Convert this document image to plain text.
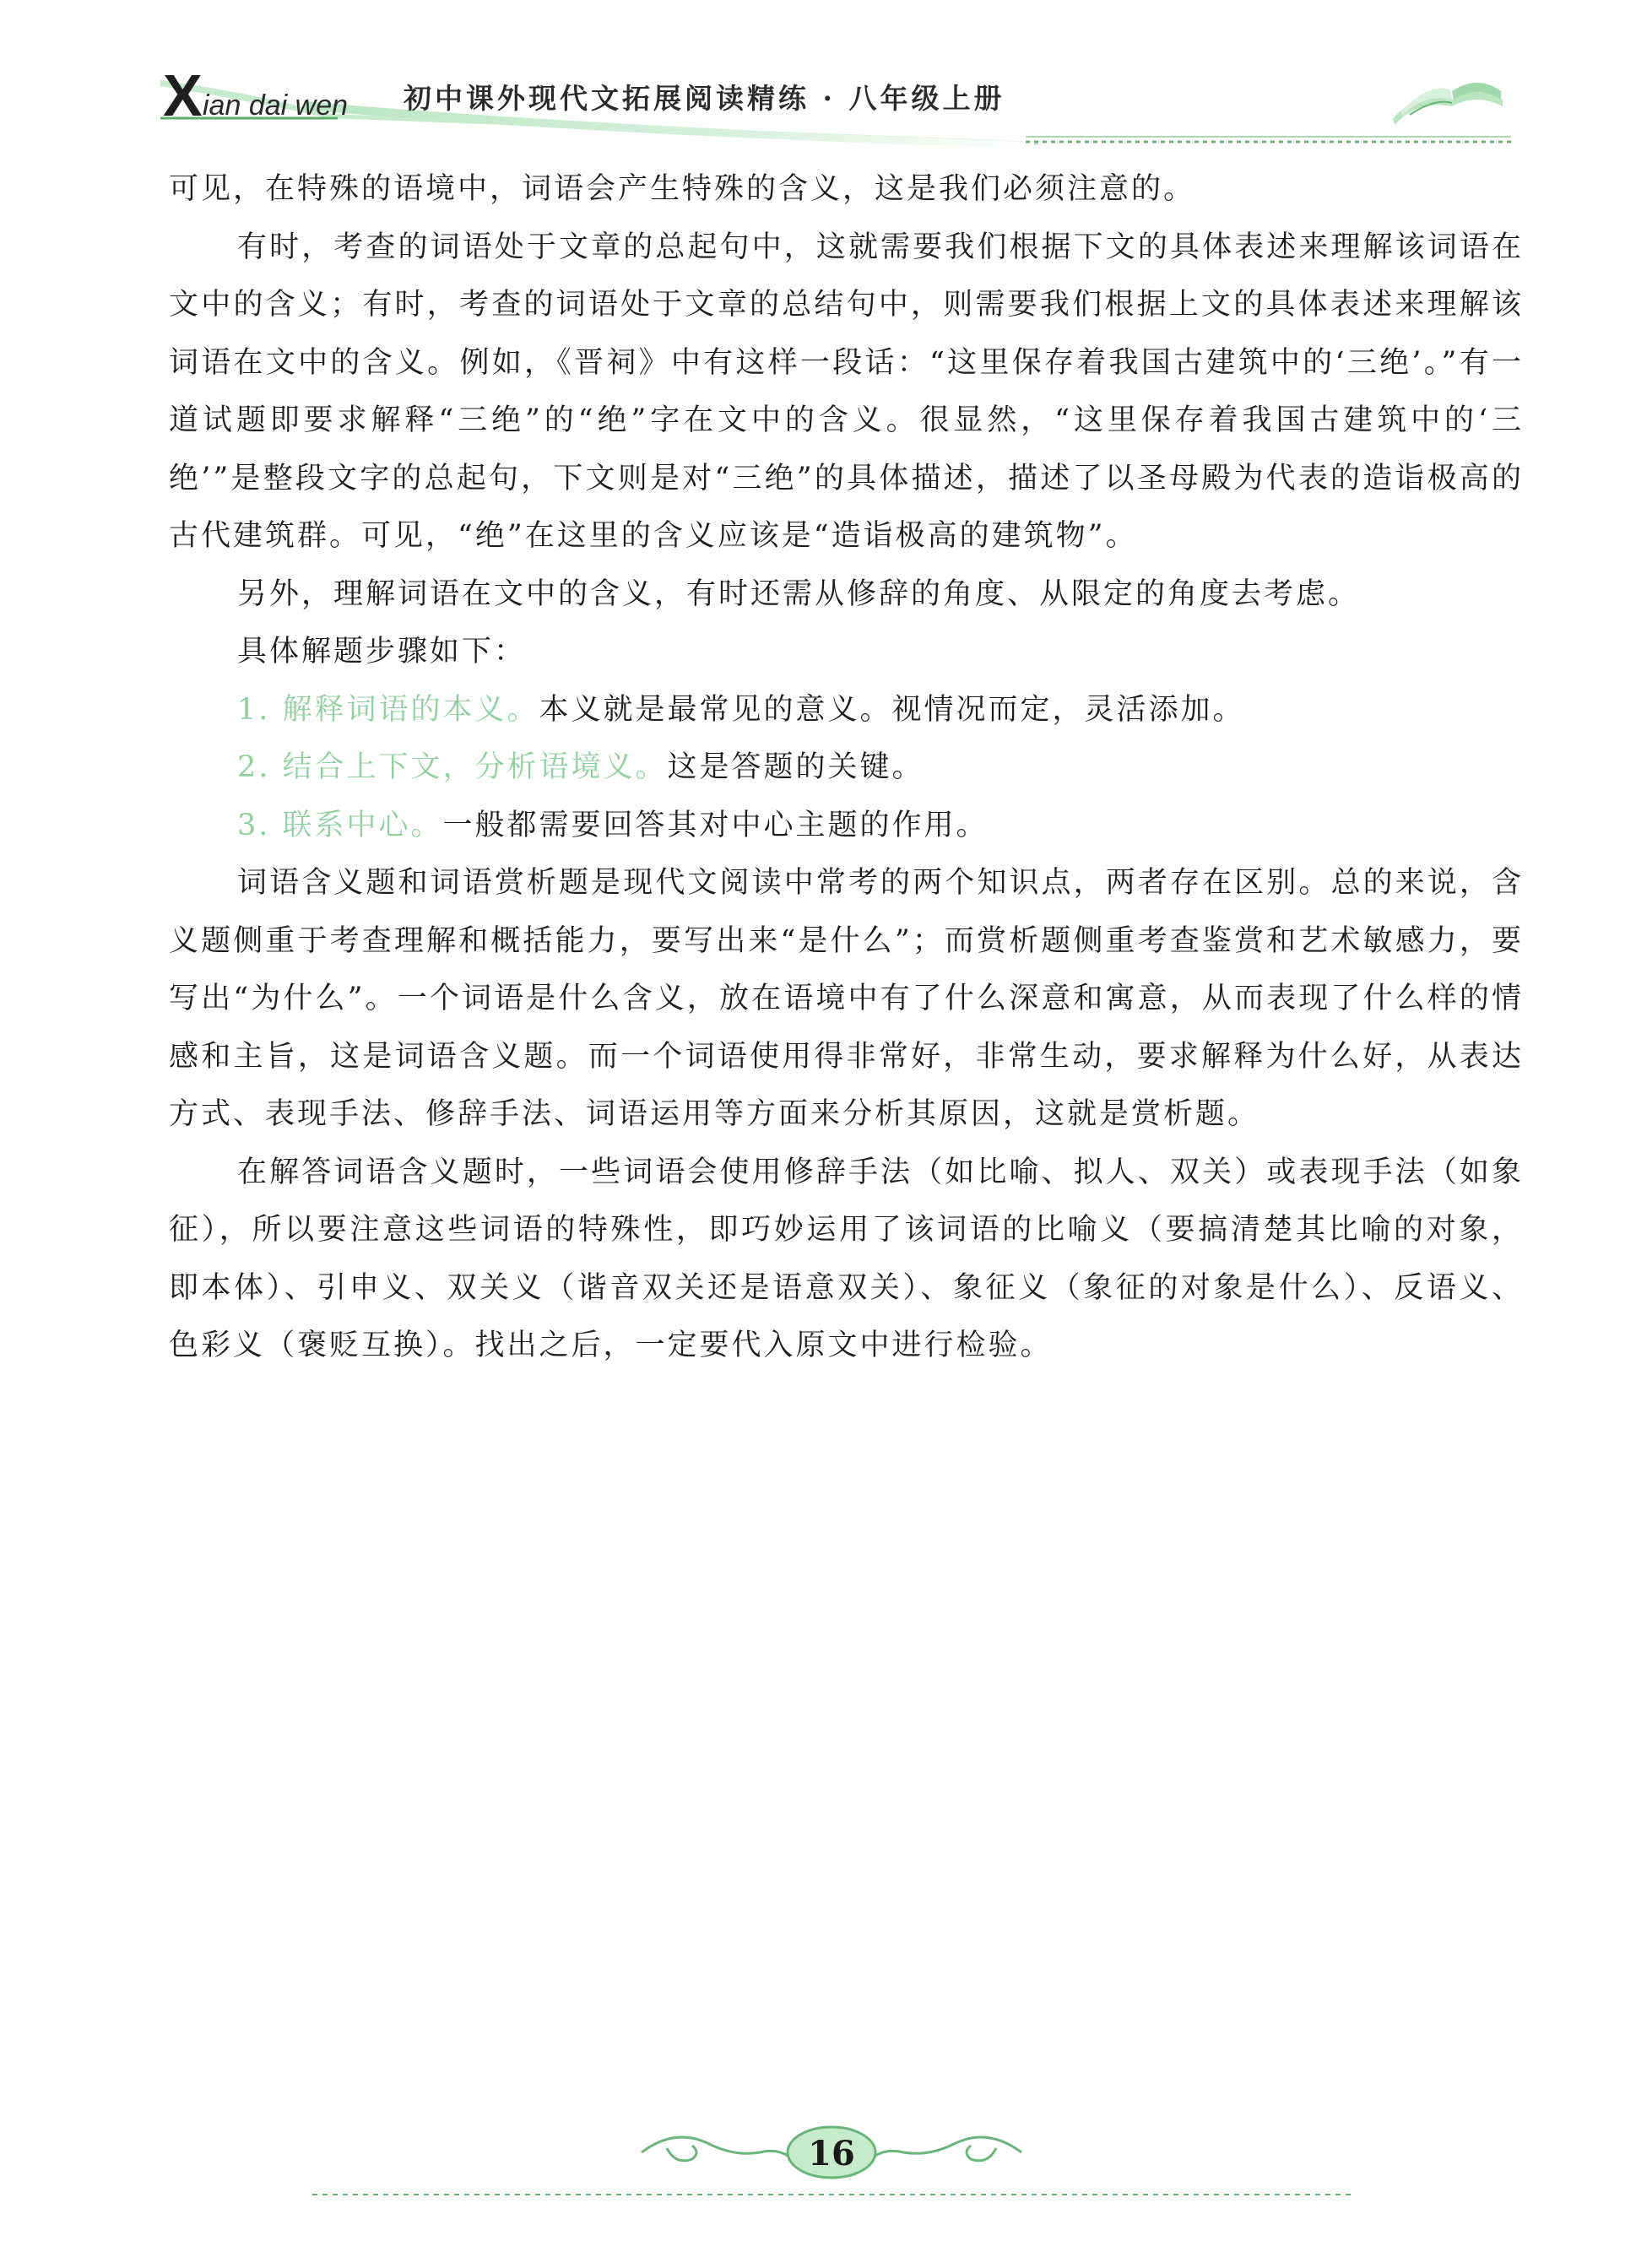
X ian dai wen 初中课外现代文拓展阅读精练 · 八年级上册

可见，在特殊的语境中，词语会产生特殊的含义，这是我们必须注意的。

有时，考查的词语处于文章的总起句中，这就需要我们根据下文的具体表述来理解该词语在文中的含义；有时，考查的词语处于文章的总结句中，则需要我们根据上文的具体表述来理解该词语在文中的含义。例如，《晋祠》中有这样一段话：“这里保存着我国古建筑中的‘三绝’。”有一道试题即要求解释“三绝”的“绝”字在文中的含义。很显然，“这里保存着我国古建筑中的‘三绝’”是整段文字的总起句，下文则是对“三绝”的具体描述，描述了以圣母殿为代表的造诣极高的古代建筑群。可见，“绝”在这里的含义应该是“造诣极高的建筑物”。

另外，理解词语在文中的含义，有时还需从修辞的角度、从限定的角度去考虑。

具体解题步骤如下：

1. 解释词语的本义。本义就是最常见的意义。视情况而定，灵活添加。

2. 结合上下文，分析语境义。这是答题的关键。

3. 联系中心。一般都需要回答其对中心主题的作用。

词语含义题和词语赏析题是现代文阅读中常考的两个知识点，两者存在区别。总的来说，含义题侧重于考查理解和概括能力，要写出来“是什么”；而赏析题侧重考查鉴赏和艺术敏感力，要写出“为什么”。一个词语是什么含义，放在语境中有了什么深意和寓意，从而表现了什么样的情感和主旨，这是词语含义题。而一个词语使用得非常好，非常生动，要求解释为什么好，从表达方式、表现手法、修辞手法、词语运用等方面来分析其原因，这就是赏析题。

在解答词语含义题时，一些词语会使用修辞手法（如比喻、拟人、双关）或表现手法（如象征），所以要注意这些词语的特殊性，即巧妙运用了该词语的比喻义（要搞清楚其比喻的对象，即本体）、引申义、双关义（谐音双关还是语意双关）、象征义（象征的对象是什么）、反语义、色彩义（褒贬互换）。找出之后，一定要代入原文中进行检验。

16
